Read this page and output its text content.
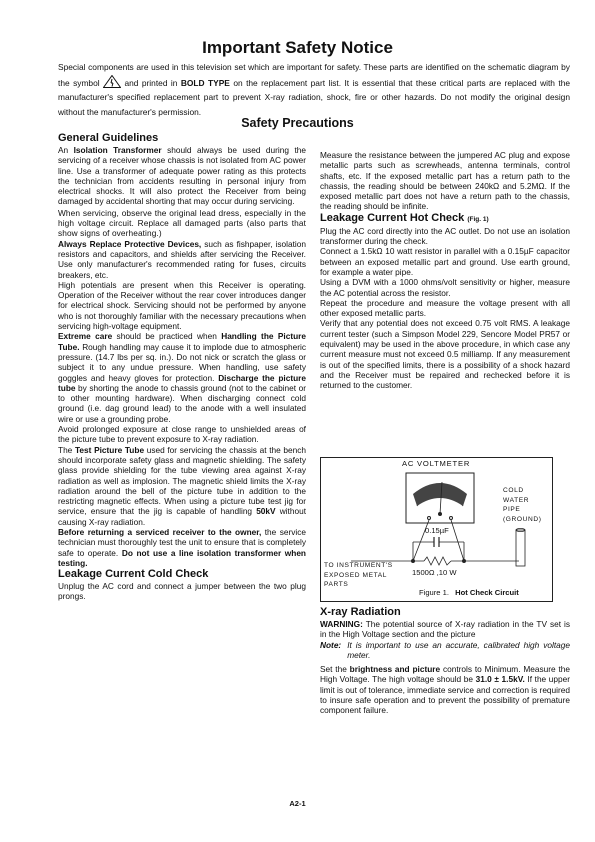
Important Safety Notice
Special components are used in this television set which are important for safety. These parts are identified on the schematic diagram by the symbol	and printed in BOLD TYPE on the replacement part list. It is essential that these critical parts are replaced with the manufacturer's specified replacement part to prevent X-ray radiation, shock, fire or other hazards. Do not modify the original design without the manufacturer's permission.
Safety Precautions
General Guidelines

An Isolation Transformer should always be used during the servicing of a receiver whose chassis is not isolated from AC power line. Use a transformer of adequate power rating as this protects the technician from accidents resulting in personal injury from electrical shocks. It will also protect the Receiver from being damaged by accidental shorting that may occur during servicing.

When servicing, observe the original lead dress, especially in the high voltage circuit. Replace all damaged parts (also parts that show signs of overheating.)

Always Replace Protective Devices, such as fishpaper, isolation resistors and capacitors, and shields after servicing the Receiver. Use only manufacturer's recommended rating for fuses, circuits breakers, etc.

High potentials are present when this Receiver is operating. Operation of the Receiver without the rear cover introduces danger for electrical shock. Servicing should not be performed by anyone who is not thoroughly familiar with the necessary precautions when servicing high-voltage equipment.

Extreme care should be practiced when Handling the Picture Tube. Rough handling may cause it to implode due to atmospheric pressure. (14.7 lbs per sq. in.). Do not nick or scratch the glass or subject it to any undue pressure. When handling, use safety goggles and heavy gloves for protection. Discharge the picture tube by shorting the anode to chassis ground (not to the cabinet or to other mounting hardware). When discharging connect cold ground (i.e. dag ground lead) to the anode with a well insulated wire or use a grounding probe.

Avoid prolonged exposure at close range to unshielded areas of the picture tube to prevent exposure to X-ray radiation.

The Test Picture Tube used for servicing the chassis at the bench should incorporate safety glass and magnetic shielding. The safety glass provide shielding for the tube viewing area against X-ray radiation as well as implosion. The magnetic shield limits the X-ray radiation around the bell of the picture tube in addition to the restricting magnetic effects. When using a picture tube test jig for service, ensure that the jig is capable of handling 50kV without causing X-ray radiation.

Before returning a serviced receiver to the owner, the service technician must thoroughly test the unit to ensure that is completely safe to operate. Do not use a line isolation transformer when testing.

Leakage Current Cold Check

Unplug the AC cord and connect a jumper between the two plug prongs.

Measure the resistance between the jumpered AC plug and expose metallic parts such as screwheads, antenna terminals, control shafts, etc. If the exposed metallic part has a return path to the chassis, the reading should be between 240kΩ and 5.2MΩ. If the exposed metallic part does not have a return path to the chassis, the reading should be infinite.

Leakage Current Hot Check (Fig. 1)

Plug the AC cord directly into the AC outlet. Do not use an isolation transformer during the check.

Connect a 1.5kΩ 10 watt resistor in parallel with a 0.15µF capacitor between an exposed metallic part and ground. Use earth ground, for example a water pipe.

Using a DVM with a 1000 ohms/volt sensitivity or higher, measure the AC potential across the resistor.

Repeat the procedure and measure the voltage present with all other exposed metallic parts.

Verify that any potential does not exceed 0.75 volt RMS. A leakage current tester (such a Simpson Model 229, Sencore Model PR57 or equivalent) may be used in the above procedure, in which case any current measure must not exceed 0.5 milliamp. If any measurement is out of the specified limits, there is a possibility of a shock hazard and the Receiver must be repaired and rechecked before it is returned to the customer.

AC VOLTMETER
COLD
WATER
PIPE
(GROUND)
0.15µF
TO INSTRUMENT'S
EXPOSED METAL
PARTS
1500Ω ,10 W
Figure 1. Hot Check Circuit
X-ray Radiation

WARNING: The potential source of X-ray radiation in the TV set is in the High Voltage section and the picture

Note: It is important to use an accurate, calibrated high voltage meter.

Set the brightness and picture controls to Minimum. Measure the High Voltage. The high voltage should be 31.0 ± 1.5kV. If the upper limit is out of tolerance, immediate service and correction is required to insure safe operation and to prevent the possibility of premature component failure.

A2-1
